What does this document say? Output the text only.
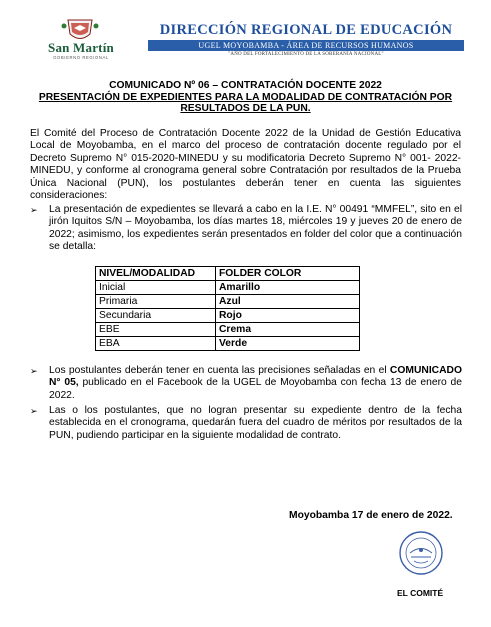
San Martín
GOBIERNO REGIONAL
DIRECCIÓN REGIONAL DE EDUCACIÓN
UGEL MOYOBAMBA - ÁREA DE RECURSOS HUMANOS
"AÑO DEL FORTALECIMIENTO DE LA SOBERANÍA NACIONAL"
COMUNICADO Nº 06 – CONTRATACIÓN DOCENTE 2022
PRESENTACIÓN DE EXPEDIENTES PARA LA MODALIDAD DE CONTRATACIÓN POR RESULTADOS DE LA PUN.
El Comité del Proceso de Contratación Docente 2022 de la Unidad de Gestión Educativa Local de Moyobamba, en el marco del proceso de contratación docente regulado por el Decreto Supremo N° 015-2020-MINEDU y su modificatoria Decreto Supremo N° 001- 2022-MINEDU, y conforme al cronograma general sobre Contratación por resultados de la Prueba Única Nacional (PUN), los postulantes deberán tener en cuenta las siguientes consideraciones:
➢ La presentación de expedientes se llevará a cabo en la I.E. N° 00491 “MMFEL”, sito en el jirón Iquitos S/N – Moyobamba, los días martes 18, miércoles 19 y jueves 20 de enero de 2022; asimismo, los expedientes serán presentados en folder del color que a continuación se detalla:
NIVEL/MODALIDAD	FOLDER COLOR
Inicial	Amarillo
Primaria	Azul
Secundaria	Rojo
EBE	Crema
EBA	Verde
➢ Los postulantes deberán tener en cuenta las precisiones señaladas en el COMUNICADO N° 05, publicado en el Facebook de la UGEL de Moyobamba con fecha 13 de enero de 2022.
➢ Las o los postulantes, que no logran presentar su expediente dentro de la fecha establecida en el cronograma, quedarán fuera del cuadro de méritos por resultados de la PUN, pudiendo participar en la siguiente modalidad de contrato.
Moyobamba 17 de enero de 2022.
EL COMITÉ
